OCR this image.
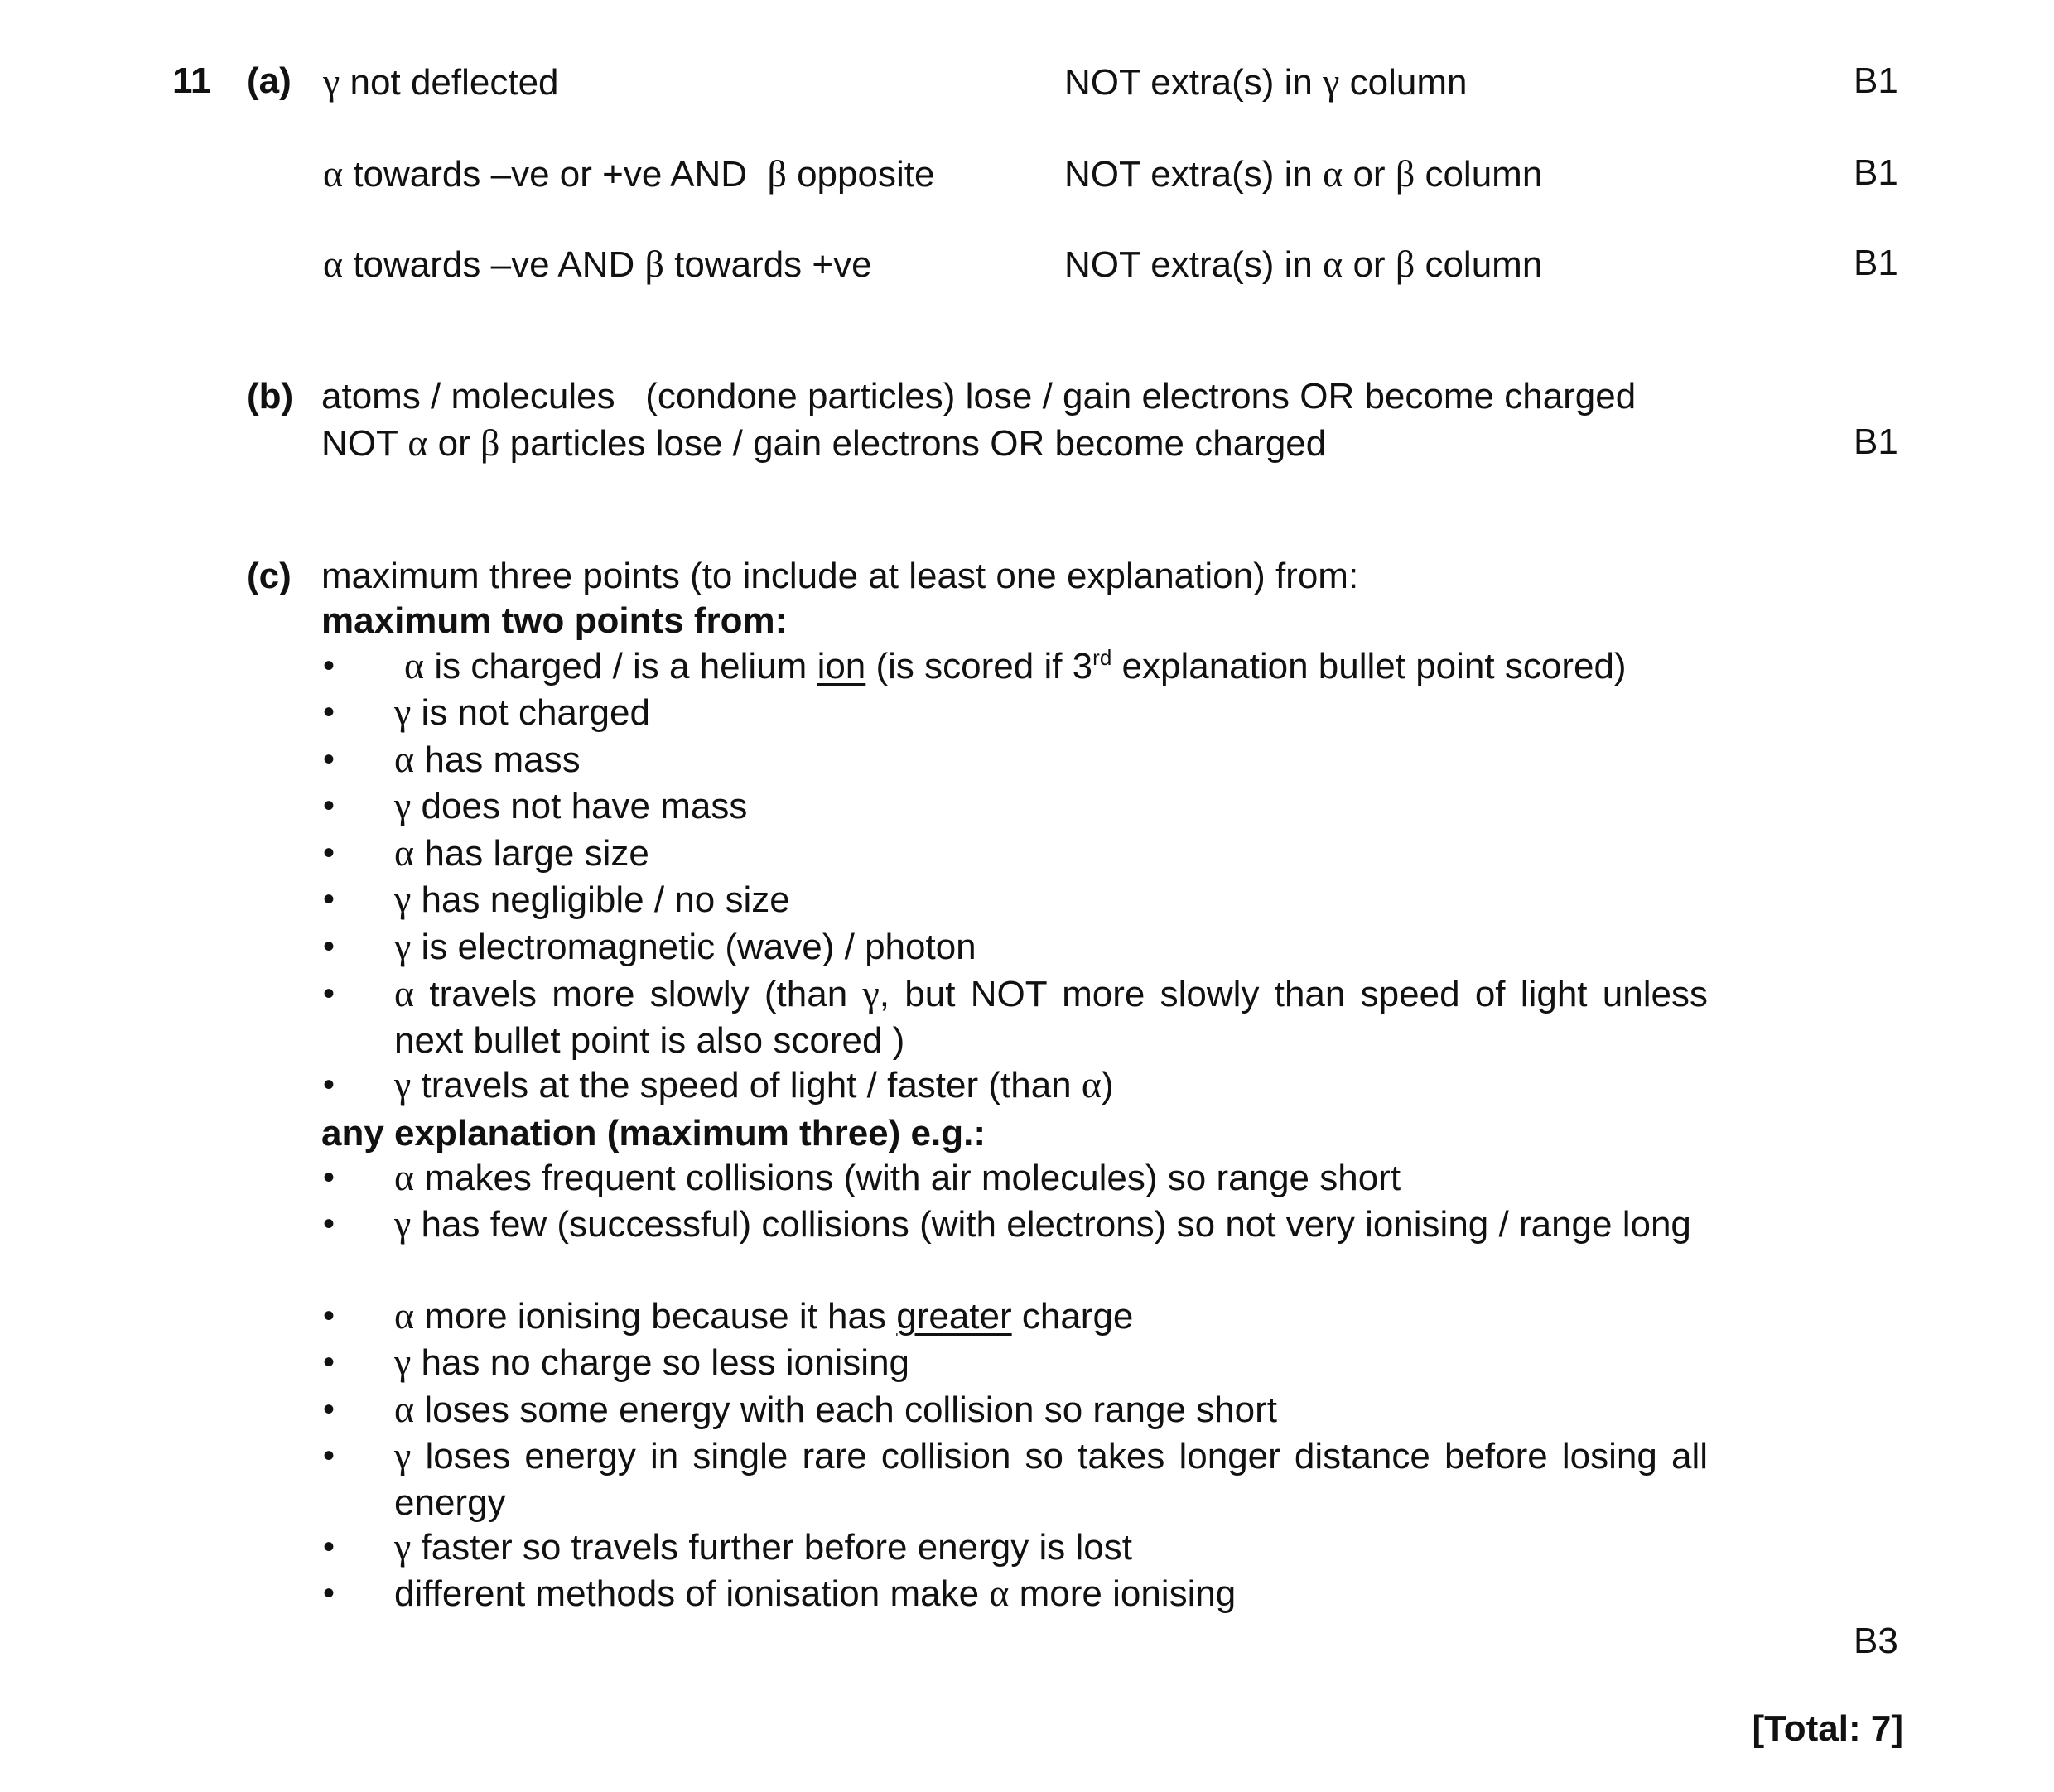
11 (a) γ not deflected	NOT extra(s) in γ column	B1
α towards –ve or +ve AND  β opposite	NOT extra(s) in α or β column	B1
α towards –ve AND β towards +ve	NOT extra(s) in α or β column	B1
(b) atoms / molecules   (condone particles) lose / gain electrons OR become charged
NOT α or β particles lose / gain electrons OR become charged	B1
(c) maximum three points (to include at least one explanation) from:
maximum two points from:
• α is charged / is a helium ion (is scored if 3rd explanation bullet point scored)
• γ is not charged
• α has mass
• γ does not have mass
• α has large size
• γ has negligible / no size
• γ is electromagnetic (wave) / photon
• α travels more slowly (than γ, but NOT more slowly than speed of light unless next bullet point is also scored )
• γ travels at the speed of light / faster (than α)
any explanation (maximum three) e.g.:
• α makes frequent collisions (with air molecules) so range short
• γ has few (successful) collisions (with electrons) so not very ionising / range long
• α more ionising because it has greater charge
• γ has no charge so less ionising
• α loses some energy with each collision so range short
• γ loses energy in single rare collision so takes longer distance before losing all energy
• γ faster so travels further before energy is lost
• different methods of ionisation make α more ionising
B3
[Total: 7]
